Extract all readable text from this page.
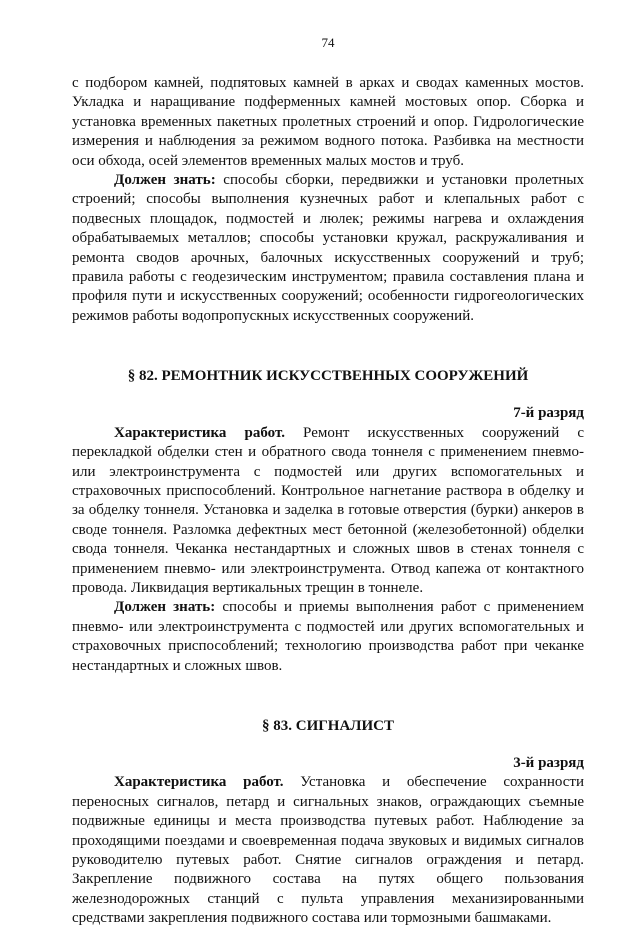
74

с подбором камней, подпятовых камней в арках и сводах каменных мостов. Укладка и наращивание подферменных камней мостовых опор. Сборка и установка временных пакетных пролетных строений и опор. Гидрологические измерения и наблюдения за режимом водного потока. Разбивка на местности оси обхода, осей элементов временных малых мостов и труб.

Должен знать: способы сборки, передвижки и установки пролетных строений; способы выполнения кузнечных работ и клепальных работ с подвесных площадок, подмостей и люлек; режимы нагрева и охлаждения обрабатываемых металлов; способы установки кружал, раскружаливания и ремонта сводов арочных, балочных искусственных сооружений и труб; правила работы с геодезическим инструментом; правила составления плана и профиля пути и искусственных сооружений; особенности гидрогеологических режимов работы водопропускных искусственных сооружений.

§ 82. РЕМОНТНИК ИСКУССТВЕННЫХ СООРУЖЕНИЙ
7-й разряд

Характеристика работ. Ремонт искусственных сооружений с перекладкой обделки стен и обратного свода тоннеля с применением пневмо- или электроинструмента с подмостей или других вспомогательных и страховочных приспособлений. Контрольное нагнетание раствора в обделку и за обделку тоннеля. Установка и заделка в готовые отверстия (бурки) анкеров в своде тоннеля. Разломка дефектных мест бетонной (железобетонной) обделки свода тоннеля. Чеканка нестандартных и сложных швов в стенах тоннеля с применением пневмо- или электроинструмента. Отвод капежа от контактного провода. Ликвидация вертикальных трещин в тоннеле.

Должен знать: способы и приемы выполнения работ с применением пневмо- или электроинструмента с подмостей или других вспомогательных и страховочных приспособлений; технологию производства работ при чеканке нестандартных и сложных швов.

§ 83. СИГНАЛИСТ
3-й разряд

Характеристика работ. Установка и обеспечение сохранности переносных сигналов, петард и сигнальных знаков, ограждающих съемные подвижные единицы и места производства путевых работ. Наблюдение за проходящими поездами и своевременная подача звуковых и видимых сигналов руководителю путевых работ. Снятие сигналов ограждения и петард. Закрепление подвижного состава на путях общего пользования железнодорожных станций с пульта управления механизированными средствами закрепления подвижного состава или тормозными башмаками.
